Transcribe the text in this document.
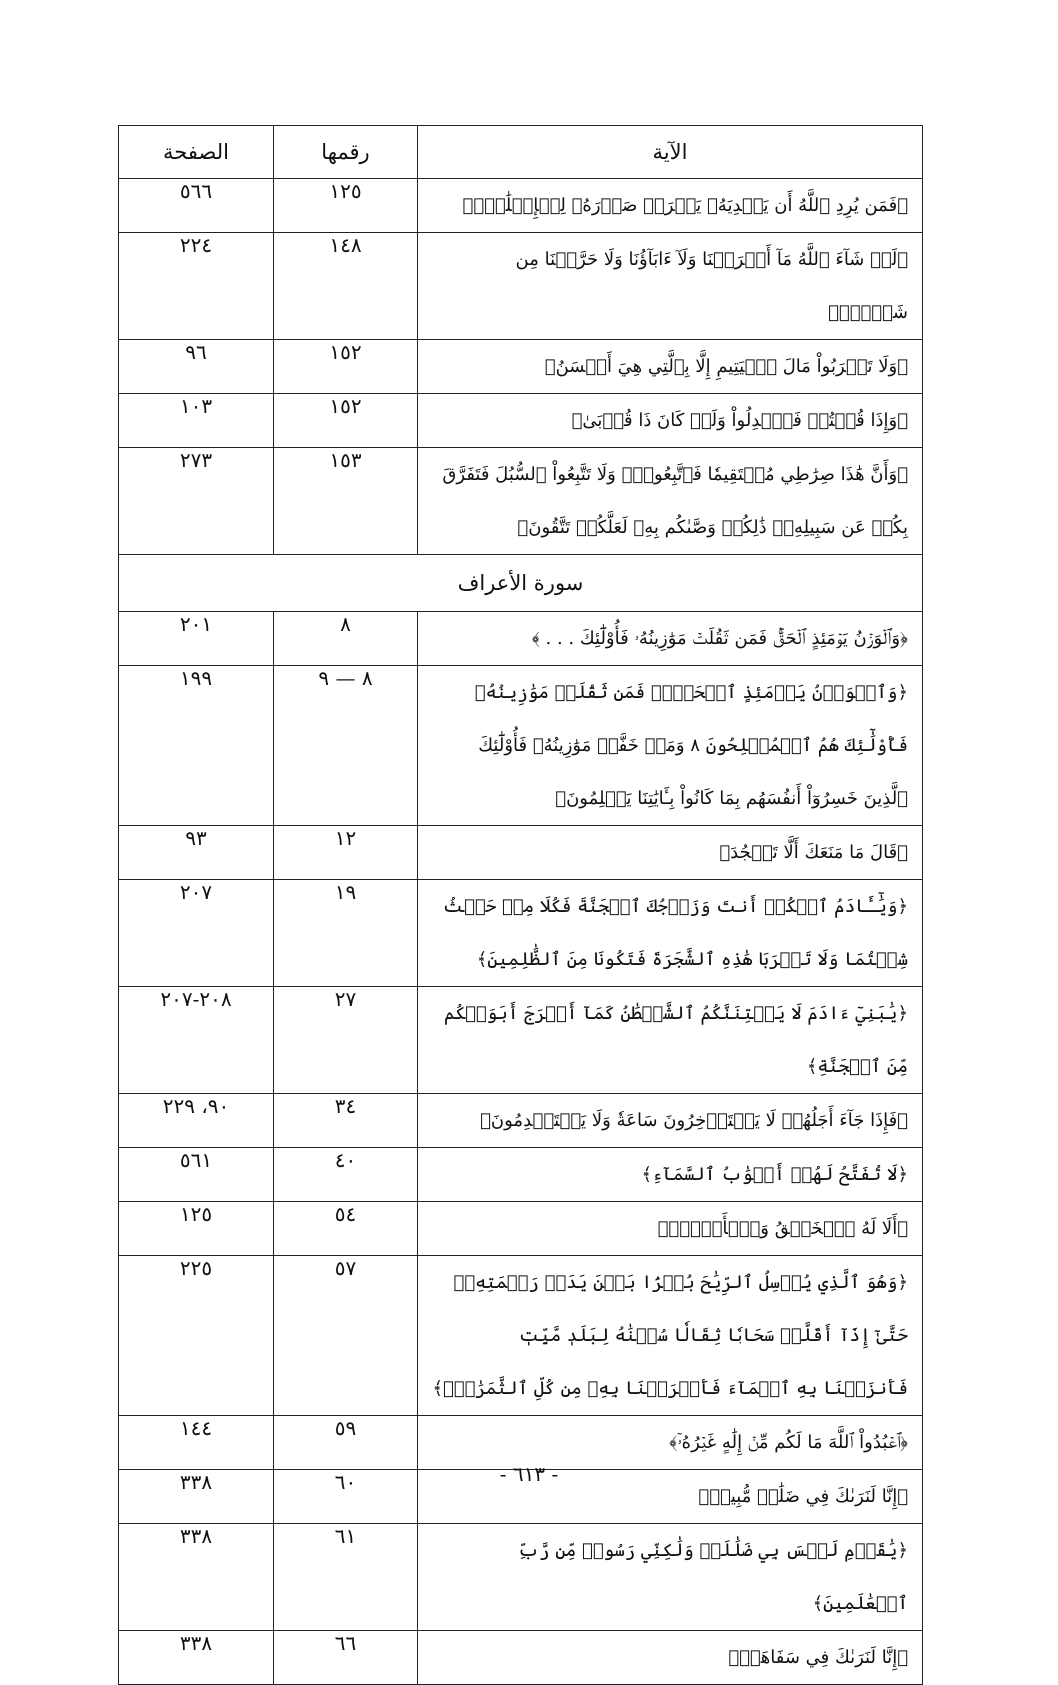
الآية	رقمها	الصفحة
﴿فَمَن يُرِدِ ٱللَّهُ أَن يَهۡدِيَهُۥ يَشۡرَحۡ صَدۡرَهُۥ لِلۡإِسۡلَٰمِۖ﴾	١٢٥	٥٦٦
﴿لَوۡ شَآءَ ٱللَّهُ مَآ أَشۡرَكۡنَا وَلَآ ءَابَآؤُنَا وَلَا حَرَّمۡنَا مِن شَيۡءٖۚ﴾	١٤٨	٢٢٤
﴿وَلَا تَقۡرَبُواْ مَالَ ٱلۡيَتِيمِ إِلَّا بِٱلَّتِي هِيَ أَحۡسَنُ﴾	١٥٢	٩٦
﴿وَإِذَا قُلۡتُمۡ فَٱعۡدِلُواْ وَلَوۡ كَانَ ذَا قُرۡبَىٰ﴾	١٥٢	١٠٣
﴿وَأَنَّ هَٰذَا صِرَٰطِي مُسۡتَقِيمٗا فَٱتَّبِعُوهُۖ وَلَا تَتَّبِعُواْ ٱلسُّبُلَ فَتَفَرَّقَ بِكُمۡ عَن سَبِيلِهِۦۚ ذَٰلِكُمۡ وَصَّىٰكُم بِهِۦ لَعَلَّكُمۡ تَتَّقُونَ﴾	١٥٣	٢٧٣
سورة الأعراف		
﴿وَٱلۡوَزۡنُ يَوۡمَئِذٍ ٱلۡحَقُّۚ فَمَن ثَقُلَتۡ مَوَٰزِينُهُۥ فَأُوْلَٰٓئِكَ . . . ﴾	٨	٢٠١
﴿وَٱلۡوَزۡنُ يَوۡمَئِذٍ ٱلۡحَقُّۚ فَمَن ثَقُلَتۡ مَوَٰزِينُهُۥ فَأُوْلَٰٓئِكَ هُمُ ٱلۡمُفۡلِحُونَ ٨ وَمَنۡ خَفَّتۡ مَوَٰزِينُهُۥ فَأُوْلَٰٓئِكَ ٱلَّذِينَ خَسِرُوٓاْ أَنفُسَهُم بِمَا كَانُواْ بِـَٔايَٰتِنَا يَظۡلِمُونَ﴾	٨ — ٩	١٩٩
﴿قَالَ مَا مَنَعَكَ أَلَّا تَسۡجُدَ﴾	١٢	٩٣
﴿وَيَٰٓـَٔادَمُ ٱسۡكُنۡ أَنتَ وَزَوۡجُكَ ٱلۡجَنَّةَ فَكُلَا مِنۡ حَيۡثُ شِئۡتُمَا وَلَا تَقۡرَبَا هَٰذِهِ ٱلشَّجَرَةَ فَتَكُونَا مِنَ ٱلظَّٰلِمِينَ﴾	١٩	٢٠٧
﴿يَٰبَنِيٓ ءَادَمَ لَا يَفۡتِنَنَّكُمُ ٱلشَّيۡطَٰنُ كَمَآ أَخۡرَجَ أَبَوَيۡكُم مِّنَ ٱلۡجَنَّةِ﴾	٢٧	٢٠٨-٢٠٧
﴿فَإِذَا جَآءَ أَجَلُهُمۡ لَا يَسۡتَأۡخِرُونَ سَاعَةٗ وَلَا يَسۡتَقۡدِمُونَ﴾	٣٤	٩٠، ٢٢٩
﴿لَا تُفَتَّحُ لَهُمۡ أَبۡوَٰبُ ٱلسَّمَآءِ﴾	٤٠	٥٦١
﴿أَلَا لَهُ ٱلۡخَلۡقُ وَٱلۡأَمۡرُۗ﴾	٥٤	١٢٥
﴿وَهُوَ ٱلَّذِي يُرۡسِلُ ٱلرِّيَٰحَ بُشۡرَۢا بَيۡنَ يَدَيۡ رَحۡمَتِهِۦۖ حَتَّىٰٓ إِذَآ أَقَلَّتۡ سَحَابٗا ثِقَالٗا سُقۡنَٰهُ لِبَلَدٖ مَّيِّتٖ فَأَنزَلۡنَا بِهِ ٱلۡمَآءَ فَأَخۡرَجۡنَا بِهِۦ مِن كُلِّ ٱلثَّمَرَٰتِۚ﴾	٥٧	٢٢٥
﴿ٱعۡبُدُواْ ٱللَّهَ مَا لَكُم مِّنۡ إِلَٰهٍ غَيۡرُهُۥٓ﴾	٥٩	١٤٤
﴿إِنَّا لَنَرَىٰكَ فِي ضَلَٰلٖ مُّبِينٖ﴾	٦٠	٣٣٨
﴿يَٰقَوۡمِ لَيۡسَ بِي ضَلَٰلَةٞ وَلَٰكِنِّي رَسُولٞ مِّن رَّبِّ ٱلۡعَٰلَمِينَ﴾	٦١	٣٣٨
﴿إِنَّا لَنَرَىٰكَ فِي سَفَاهَةٖ﴾	٦٦	٣٣٨
- ٦١٣ -
